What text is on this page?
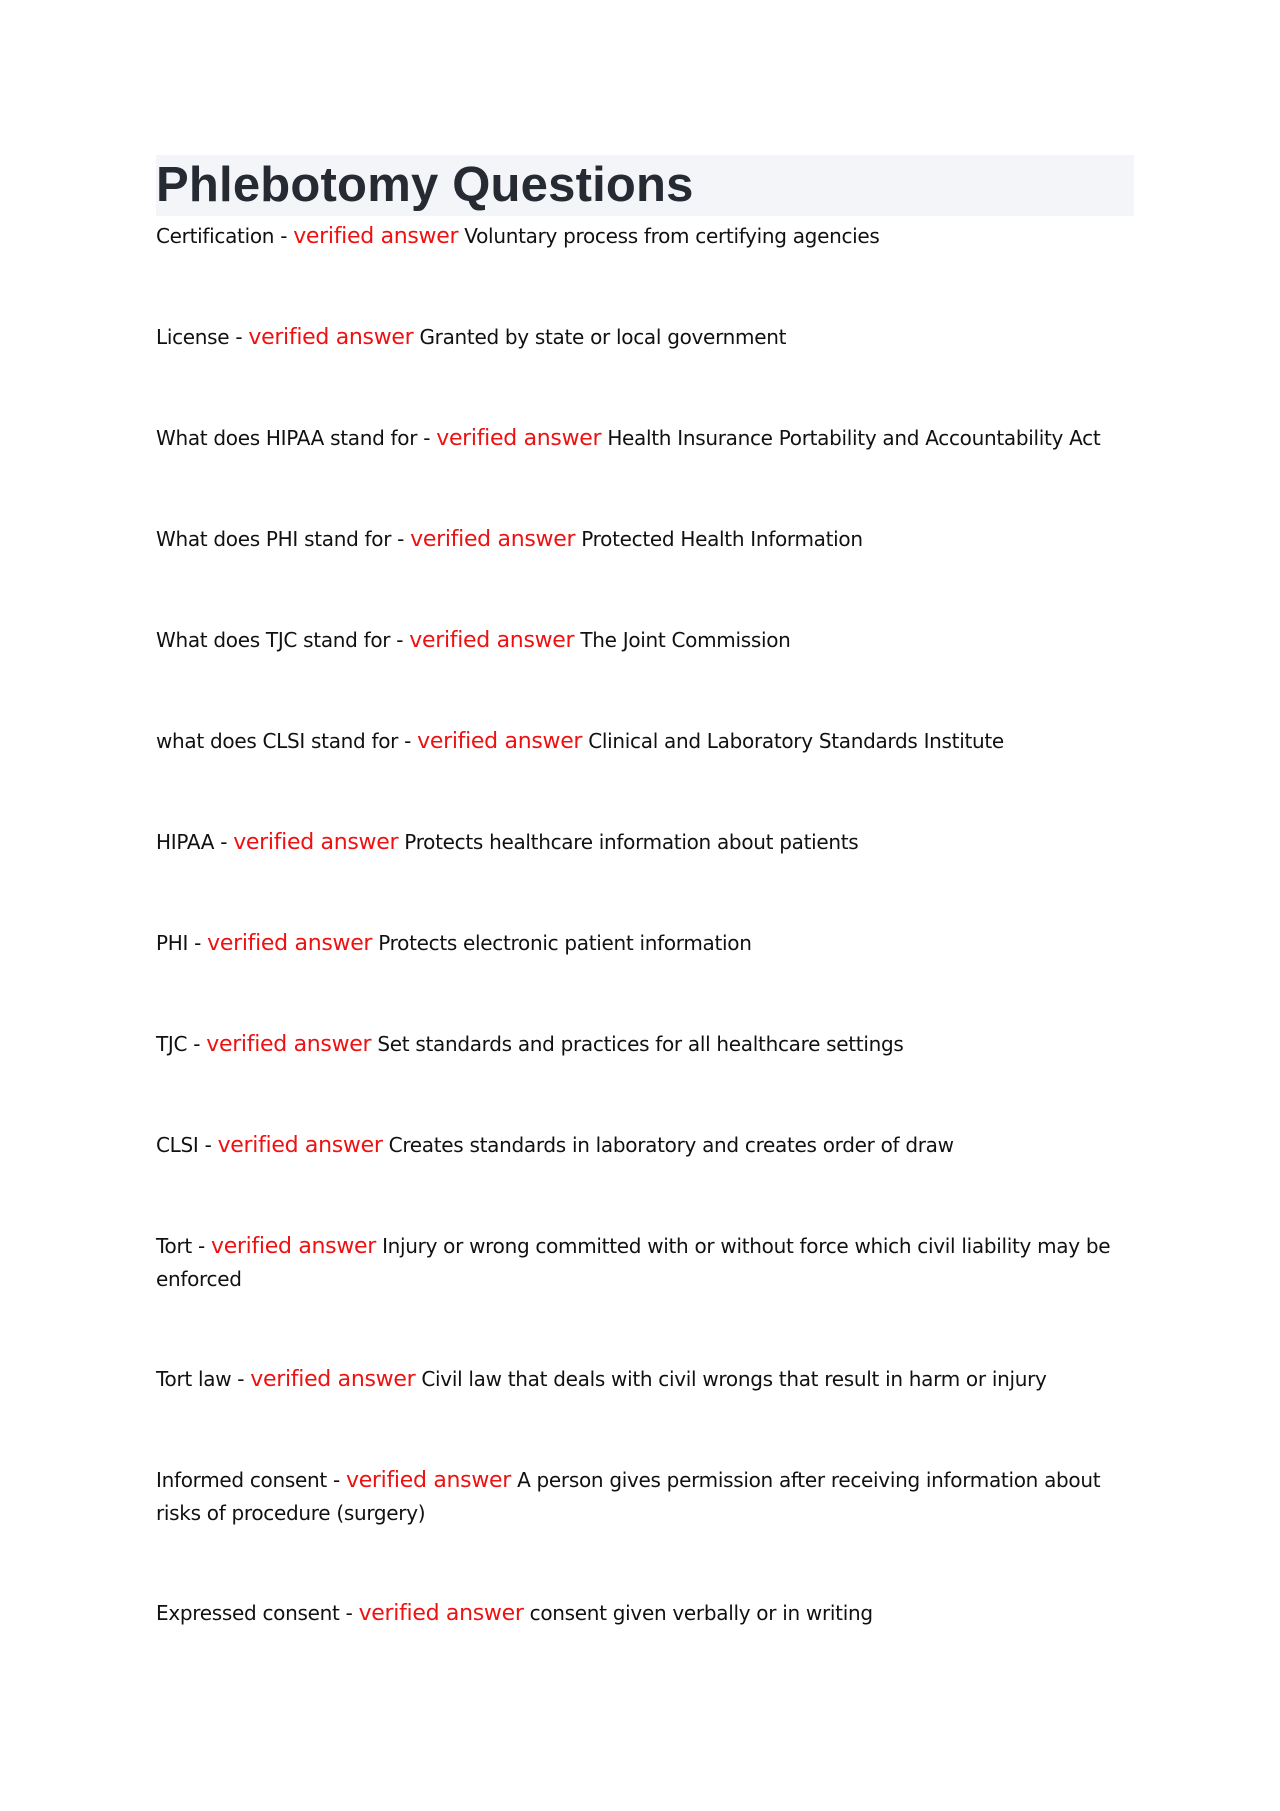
Phlebotomy Questions
Certification - verified answer Voluntary process from certifying agencies
License - verified answer Granted by state or local government
What does HIPAA stand for - verified answer Health Insurance Portability and Accountability Act
What does PHI stand for - verified answer Protected Health Information
What does TJC stand for - verified answer The Joint Commission
what does CLSI stand for - verified answer Clinical and Laboratory Standards Institute
HIPAA - verified answer Protects healthcare information about patients
PHI - verified answer Protects electronic patient information
TJC - verified answer Set standards and practices for all healthcare settings
CLSI - verified answer Creates standards in laboratory and creates order of draw
Tort - verified answer Injury or wrong committed with or without force which civil liability may be enforced
Tort law - verified answer Civil law that deals with civil wrongs that result in harm or injury
Informed consent - verified answer A person gives permission after receiving information about risks of procedure (surgery)
Expressed consent - verified answer consent given verbally or in writing
